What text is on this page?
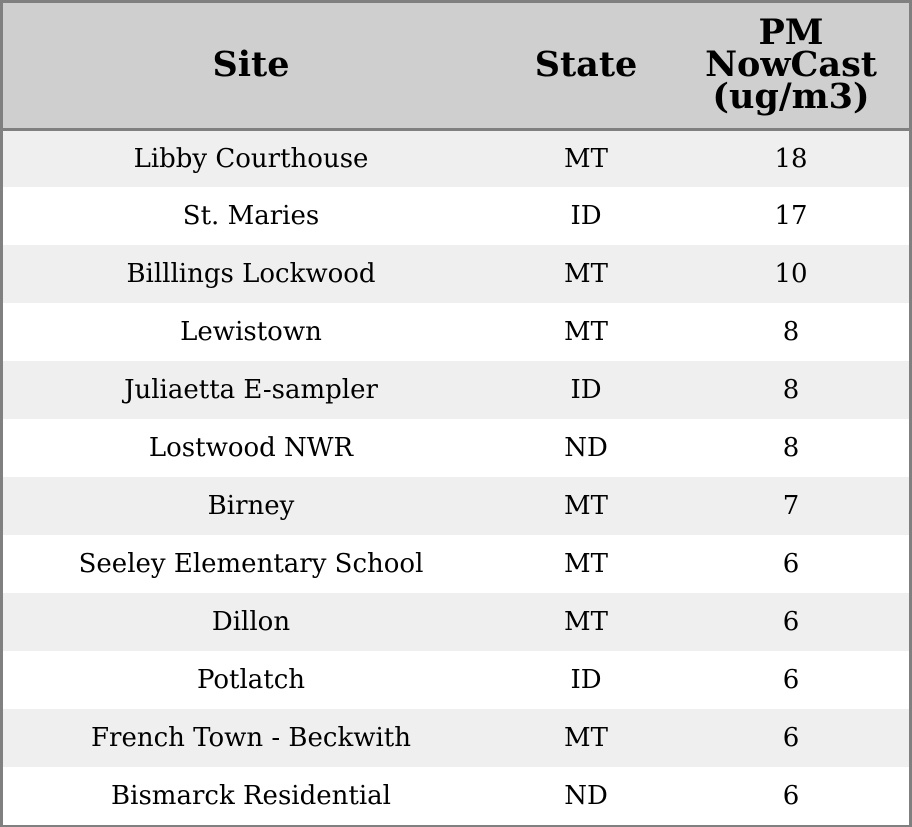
Site	State	PM NowCast (ug/m3)
Libby Courthouse	MT	18
St. Maries	ID	17
Billlings Lockwood	MT	10
Lewistown	MT	8
Juliaetta E-sampler	ID	8
Lostwood NWR	ND	8
Birney	MT	7
Seeley Elementary School	MT	6
Dillon	MT	6
Potlatch	ID	6
French Town - Beckwith	MT	6
Bismarck Residential	ND	6
